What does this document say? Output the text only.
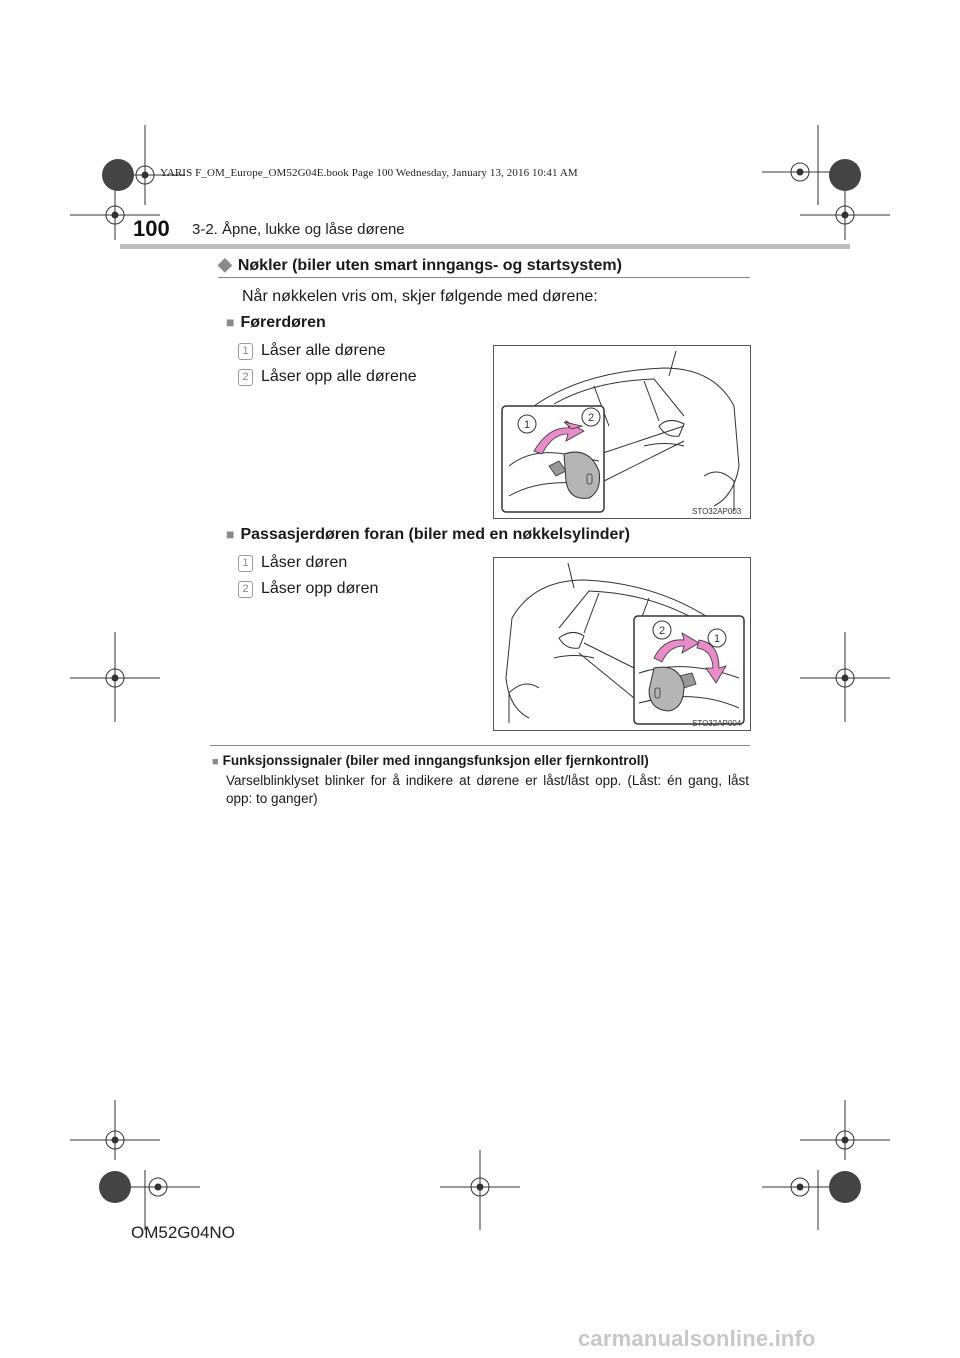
YARIS F_OM_Europe_OM52G04E.book Page 100 Wednesday, January 13, 2016 10:41 AM
100 3-2. Åpne, lukke og låse dørene
◆ Nøkler (biler uten smart inngangs- og startsystem)
Når nøkkelen vris om, skjer følgende med dørene:
■ Førerdøren
1 Låser alle dørene
2 Låser opp alle dørene
1
2
STO32AP003
■ Passasjerdøren foran (biler med en nøkkelsylinder)
1 Låser døren
2 Låser opp døren
2
1
STO32AP004
■ Funksjonssignaler (biler med inngangsfunksjon eller fjernkontroll)
Varselblinklyset blinker for å indikere at dørene er låst/låst opp. (Låst: én gang, låst opp: to ganger)
OM52G04NO
carmanualsonline.info
